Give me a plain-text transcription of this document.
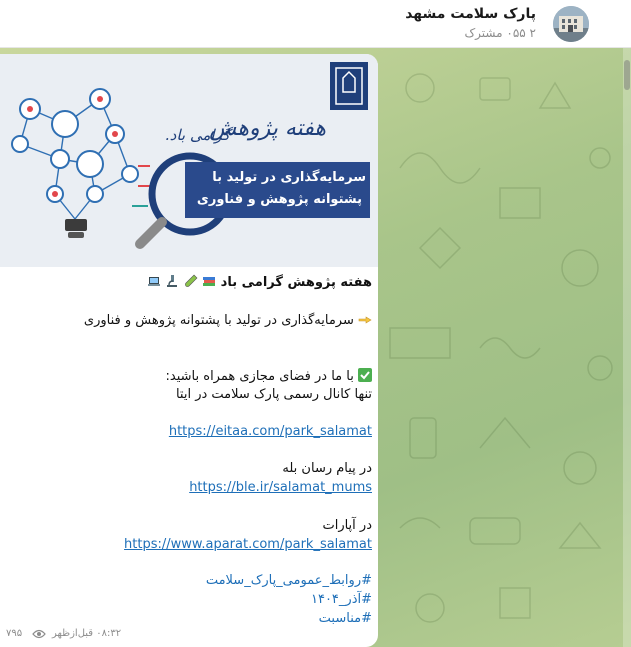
پارک سلامت مشهد
۲ ۰۵۵ مشترک
هفته پژوهش
گرامی باد.
سرمایه‌گذاری در تولید با
پشتوانه پژوهش و فناوری
هفته پژوهش گرامی باد
سرمایه‌گذاری در تولید با پشتوانه پژوهش و فناوری
با ما در فضای مجازی همراه باشید:
تنها کانال رسمی پارک سلامت در ایتا
https://eitaa.com/park_salamat
در پیام رسان بله
https://ble.ir/salamat_mums
در آپارات
https://www.aparat.com/park_salamat
#روابط_عمومی_پارک_سلامت
#آذر_۱۴۰۴
#مناسبت
۷۹۵	۰۸:۳۲ قبل‌ازظهر
